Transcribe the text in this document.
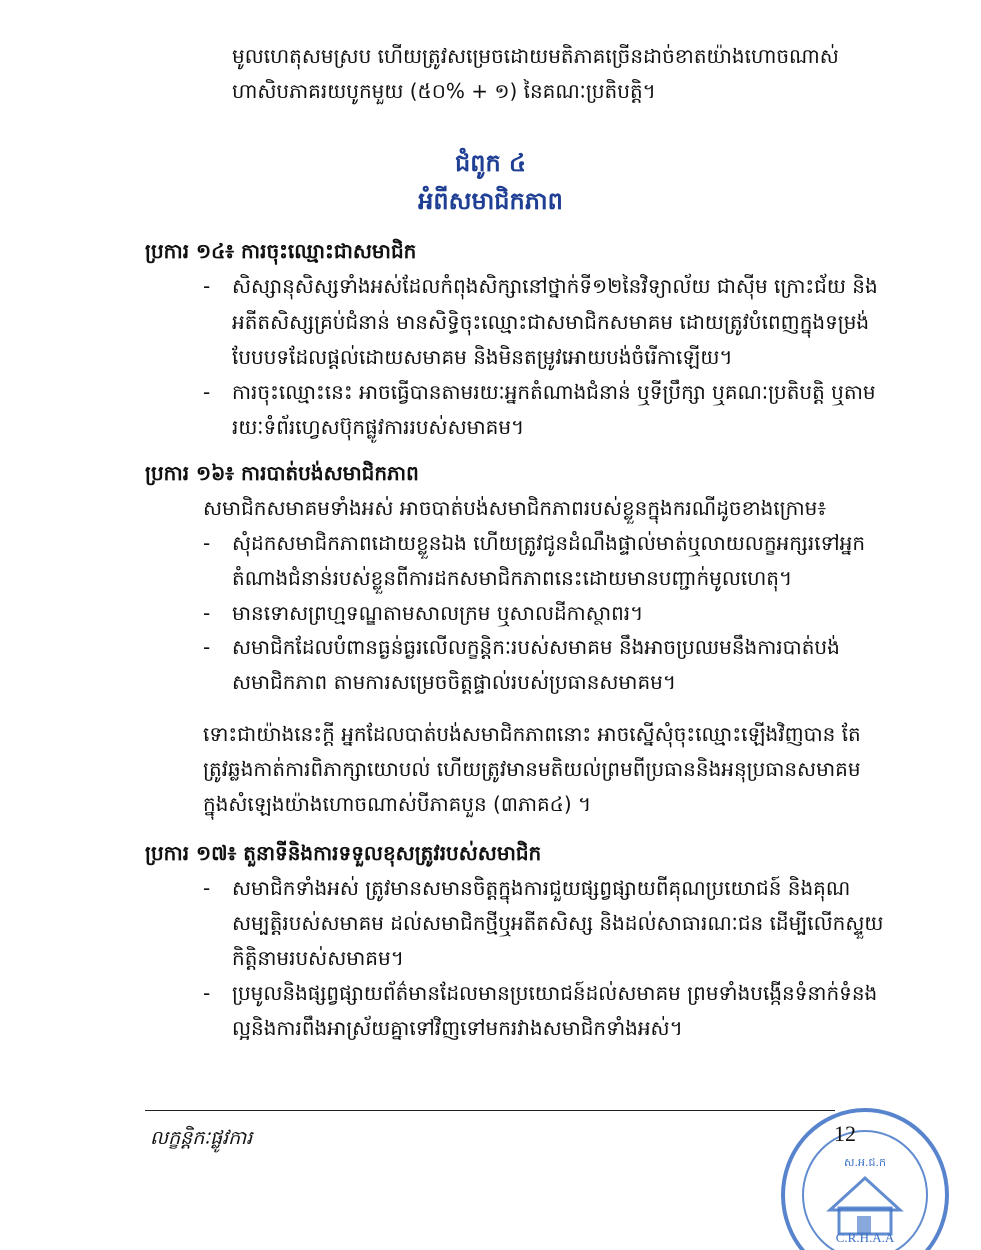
មូលហេតុសមស្រប ហើយត្រូវសម្រេចដោយមតិភាគច្រើនដាច់ខាតយ៉ាងហោចណាស់
ហាសិបភាគរយបូកមួយ (៥០% + ១) នៃគណៈប្រតិបត្តិ។
ជំពូក ៤
អំពីសមាជិកភាព
ប្រការ ១៤៖ ការចុះឈ្មោះជាសមាជិក
- សិស្សានុសិស្សទាំងអស់ដែលកំពុងសិក្សានៅថ្នាក់ទី១២នៃវិទ្យាល័យ ជាស៊ីម ក្រោះជ័យ និង
អតីតសិស្សគ្រប់ជំនាន់ មានសិទ្ធិចុះឈ្មោះជាសមាជិកសមាគម ដោយត្រូវបំពេញក្នុងទម្រង់
បែបបទដែលផ្តល់ដោយសមាគម និងមិនតម្រូវអោយបង់ចំរើកាឡើយ។
- ការចុះឈ្មោះនេះ អាចធ្វើបានតាមរយៈអ្នកតំណាងជំនាន់ ឬទីប្រឹក្សា ឬគណៈប្រតិបត្តិ ឬតាម
រយៈទំព័រហ្វេសប៊ុកផ្លូវការរបស់សមាគម។
ប្រការ ១៦៖ ការបាត់បង់សមាជិកភាព
សមាជិកសមាគមទាំងអស់ អាចបាត់បង់សមាជិកភាពរបស់ខ្លួនក្នុងករណីដូចខាងក្រោម៖
- សុំដកសមាជិកភាពដោយខ្លួនឯង ហើយត្រូវជូនដំណឹងផ្ទាល់មាត់ឬលាយលក្ខអក្សរទៅអ្នក
តំណាងជំនាន់របស់ខ្លួនពីការដកសមាជិកភាពនេះដោយមានបញ្ជាក់មូលហេតុ។
- មានទោសព្រហ្មទណ្ឌតាមសាលក្រម ឬសាលដីកាស្ថាពរ។
- សមាជិកដែលបំពានធ្ងន់ធ្ងរលើលក្ខន្តិកៈរបស់សមាគម នឹងអាចប្រឈមនឹងការបាត់បង់
សមាជិកភាព តាមការសម្រេចចិត្តផ្ទាល់របស់ប្រធានសមាគម។
ទោះជាយ៉ាងនេះក្តី អ្នកដែលបាត់បង់សមាជិកភាពនោះ អាចស្នើសុំចុះឈ្មោះឡើងវិញបាន តែ
ត្រូវឆ្លងកាត់ការពិភាក្សាយោបល់ ហើយត្រូវមានមតិយល់ព្រមពីប្រធាននិងអនុប្រធានសមាគម
ក្នុងសំឡេងយ៉ាងហោចណាស់បីភាគបួន (៣ភាគ៤) ។
ប្រការ ១៧៖ តួនាទីនិងការទទួលខុសត្រូវរបស់សមាជិក
- សមាជិកទាំងអស់ ត្រូវមានសមានចិត្តក្នុងការជួយផ្សព្វផ្សាយពីគុណប្រយោជន៍ និងគុណ
សម្បត្តិរបស់សមាគម ដល់សមាជិកថ្មីឬអតីតសិស្ស និងដល់សាធារណៈជន ដើម្បីលើកស្ទួយ
កិត្តិនាមរបស់សមាគម។
- ប្រមូលនិងផ្សព្វផ្សាយព័ត៌មានដែលមានប្រយោជន៍ដល់សមាគម ព្រមទាំងបង្កើនទំនាក់ទំនង
ល្អនិងការពឹងអាស្រ័យគ្នាទៅវិញទៅមករវាងសមាជិកទាំងអស់។
លក្ខន្តិកៈផ្លូវការ
ស.អ.ជ.ក
C.R.H.A.A
12
